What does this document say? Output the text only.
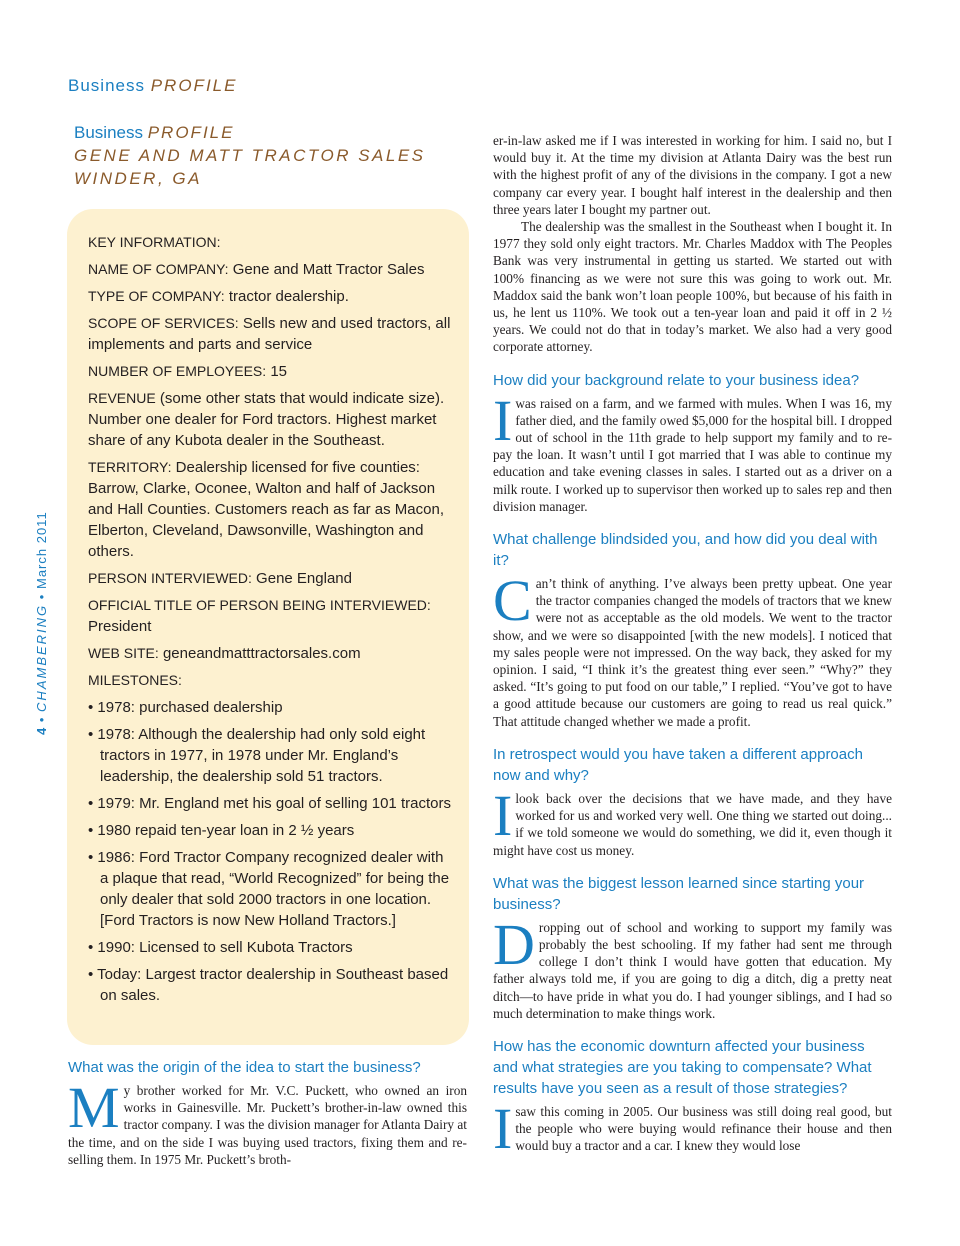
Business PROFILE
4 • CHAMBERING • March 2011
Business PROFILE
GENE AND MATT TRACTOR SALES
WINDER, GA

KEY INFORMATION:

NAME OF COMPANY: Gene and Matt Tractor Sales

TYPE OF COMPANY: tractor dealership.

SCOPE OF SERVICES: Sells new and used tractors, all implements and parts and service

NUMBER OF EMPLOYEES: 15

REVENUE (some other stats that would indicate size). Number one dealer for Ford tractors. Highest market share of any Kubota dealer in the Southeast.

TERRITORY: Dealership licensed for five counties: Barrow, Clarke, Oconee, Walton and half of Jackson and Hall Counties. Customers reach as far as Macon, Elberton, Cleveland, Dawsonville, Washington and others.

PERSON INTERVIEWED: Gene England

OFFICIAL TITLE OF PERSON BEING INTERVIEWED: President

WEB SITE: geneandmatttractorsales.com

MILESTONES:

• 1978: purchased dealership
• 1978: Although the dealership had only sold eight tractors in 1977, in 1978 under Mr. England’s leadership, the dealership sold 51 tractors.
• 1979: Mr. England met his goal of selling 101 tractors
• 1980 repaid ten-year loan in 2 ½ years
• 1986: Ford Tractor Company recognized dealer with a plaque that read, “World Recognized” for being the only dealer that sold 2000 tractors in one location. [Ford Tractors is now New Holland Tractors.]
• 1990: Licensed to sell Kubota Tractors
• Today: Largest tractor dealership in Southeast based on sales.
What was the origin of the idea to start the business?
My brother worked for Mr. V.C. Puckett, who owned an iron works in Gainesville. Mr. Puckett’s brother-in-law owned this tractor company. I was the division manager for Atlanta Dairy at the time, and on the side I was buying used tractors, fixing them and re-selling them. In 1975 Mr. Puckett’s broth-

er-in-law asked me if I was interested in working for him. I said no, but I would buy it. At the time my division at Atlanta Dairy was the best run with the highest profit of any of the divisions in the company. I got a new company car every year. I bought half interest in the dealership and then three years later I bought my partner out.

The dealership was the smallest in the Southeast when I bought it. In 1977 they sold only eight tractors. Mr. Charles Maddox with The Peoples Bank was very instrumental in getting us started. We started out with 100% financing as we were not sure this was going to work out. Mr. Maddox said the bank won’t loan people 100%, but because of his faith in us, he lent us 110%. We took out a ten-year loan and paid it off in 2 ½ years. We could not do that in today’s market. We also had a very good corporate attorney.

How did your background relate to your business idea?
Iwas raised on a farm, and we farmed with mules. When I was 16, my father died, and the family owed $5,000 for the hospital bill. I dropped out of school in the 11th grade to help support my family and to re-pay the loan. It wasn’t until I got married that I was able to continue my education and take evening classes in sales. I started out as a driver on a milk route. I worked up to supervisor then worked up to sales rep and then division manager.
What challenge blindsided you, and how did you deal with it?
Can’t think of anything. I’ve always been pretty upbeat. One year the tractor companies changed the models of tractors that we knew were not as acceptable as the old models. We went to the tractor show, and we were so disappointed [with the new models]. I noticed that my sales people were not impressed. On the way back, they asked for my opinion. I said, “I think it’s the greatest thing ever seen.” “Why?” they asked. “It’s going to put food on our table,” I replied. “You’ve got to have a good attitude because our customers are going to read us real quick.” That attitude changed whether we made a profit.
In retrospect would you have taken a different approach now and why?
Ilook back over the decisions that we have made, and they have worked for us and worked very well. One thing we started out doing... if we told someone we would do something, we did it, even though it might have cost us money.
What was the biggest lesson learned since starting your business?
Dropping out of school and working to support my family was probably the best schooling. If my father had sent me through college I don’t think I would have gotten that education. My father always told me, if you are going to dig a ditch, dig a pretty neat ditch—to have pride in what you do. I had younger siblings, and I had so much determination to make things work.
How has the economic downturn affected your business and what strategies are you taking to compensate? What results have you seen as a result of those strategies?
Isaw this coming in 2005. Our business was still doing real good, but the people who were buying would refinance their house and then would buy a tractor and a car. I knew they would lose
